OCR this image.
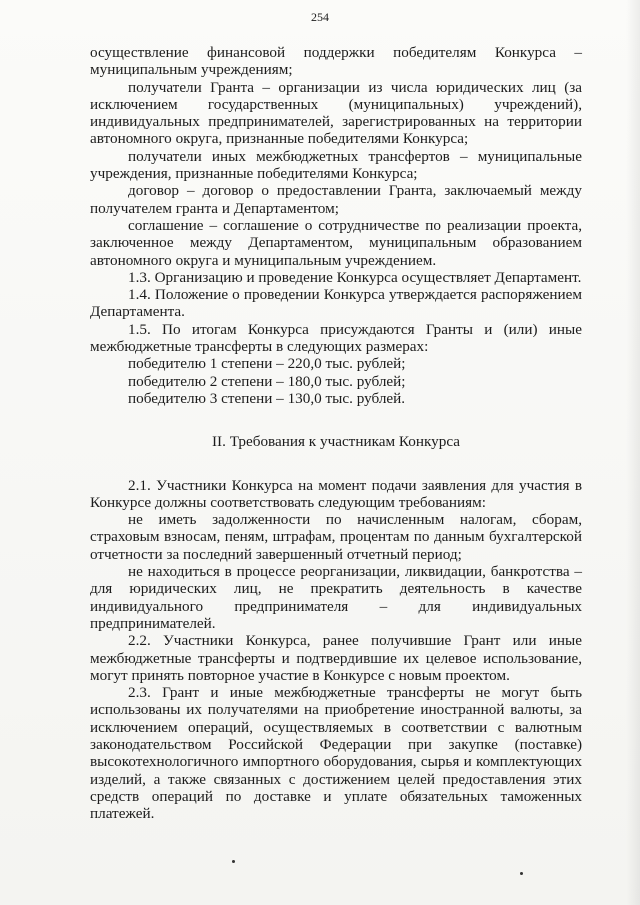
254

осуществление финансовой поддержки победителям Конкурса – муниципальным учреждениям;

получатели Гранта – организации из числа юридических лиц (за исключением государственных (муниципальных) учреждений), индивидуальных предпринимателей, зарегистрированных на территории автономного округа, признанные победителями Конкурса;

получатели иных межбюджетных трансфертов – муниципальные учреждения, признанные победителями Конкурса;

договор – договор о предоставлении Гранта, заключаемый между получателем гранта и Департаментом;

соглашение – соглашение о сотрудничестве по реализации проекта, заключенное между Департаментом, муниципальным образованием автономного округа и муниципальным учреждением.

1.3. Организацию и проведение Конкурса осуществляет Департамент.

1.4. Положение о проведении Конкурса утверждается распоряжением Департамента.

1.5. По итогам Конкурса присуждаются Гранты и (или) иные межбюджетные трансферты в следующих размерах:

победителю 1 степени – 220,0 тыс. рублей;

победителю 2 степени – 180,0 тыс. рублей;

победителю 3 степени – 130,0 тыс. рублей.

II. Требования к участникам Конкурса

2.1. Участники Конкурса на момент подачи заявления для участия в Конкурсе должны соответствовать следующим требованиям:

не иметь задолженности по начисленным налогам, сборам, страховым взносам, пеням, штрафам, процентам по данным бухгалтерской отчетности за последний завершенный отчетный период;

не находиться в процессе реорганизации, ликвидации, банкротства – для юридических лиц, не прекратить деятельность в качестве индивидуального предпринимателя – для индивидуальных предпринимателей.

2.2. Участники Конкурса, ранее получившие Грант или иные межбюджетные трансферты и подтвердившие их целевое использование, могут принять повторное участие в Конкурсе с новым проектом.

2.3. Грант и иные межбюджетные трансферты не могут быть использованы их получателями на приобретение иностранной валюты, за исключением операций, осуществляемых в соответствии с валютным законодательством Российской Федерации при закупке (поставке) высокотехнологичного импортного оборудования, сырья и комплектующих изделий, а также связанных с достижением целей предоставления этих средств операций по доставке и уплате обязательных таможенных платежей.
